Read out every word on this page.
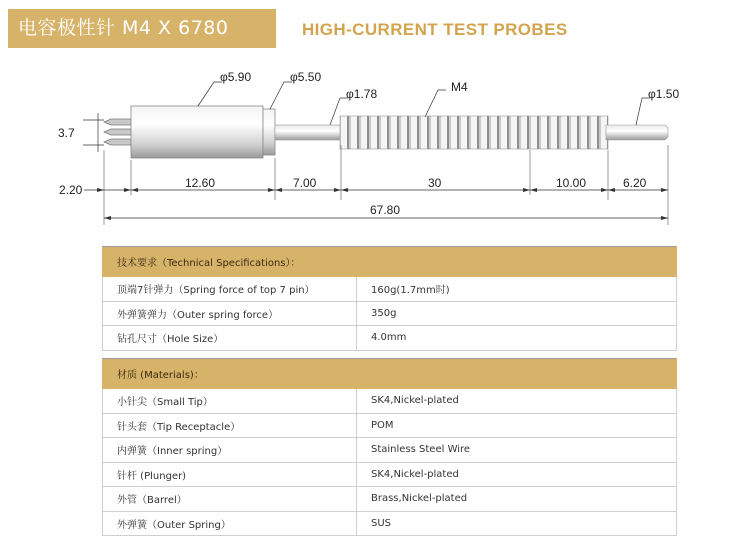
电容极性针 M4 X 6780	HIGH-CURRENT TEST PROBES
φ5.90	φ5.50
φ1.78	M4	φ1.50
3.7
2.20	12.60	7.00	30	10.00	6.20
67.80
技术要求（Technical Specifications）：	
顶端7针弹力（Spring force of top 7 pin）	160g(1.7mm时)
外弹簧弹力（Outer spring force）	350g
钻孔尺寸（Hole Size）	4.0mm
材质 (Materials)：	
小针尖（Small Tip）	SK4,Nickel-plated
针头套（Tip Receptacle）	POM
内弹簧（Inner spring）	Stainless Steel Wire
针杆 (Plunger)	SK4,Nickel-plated
外管（Barrel）	Brass,Nickel-plated
外弹簧（Outer Spring）	SUS
